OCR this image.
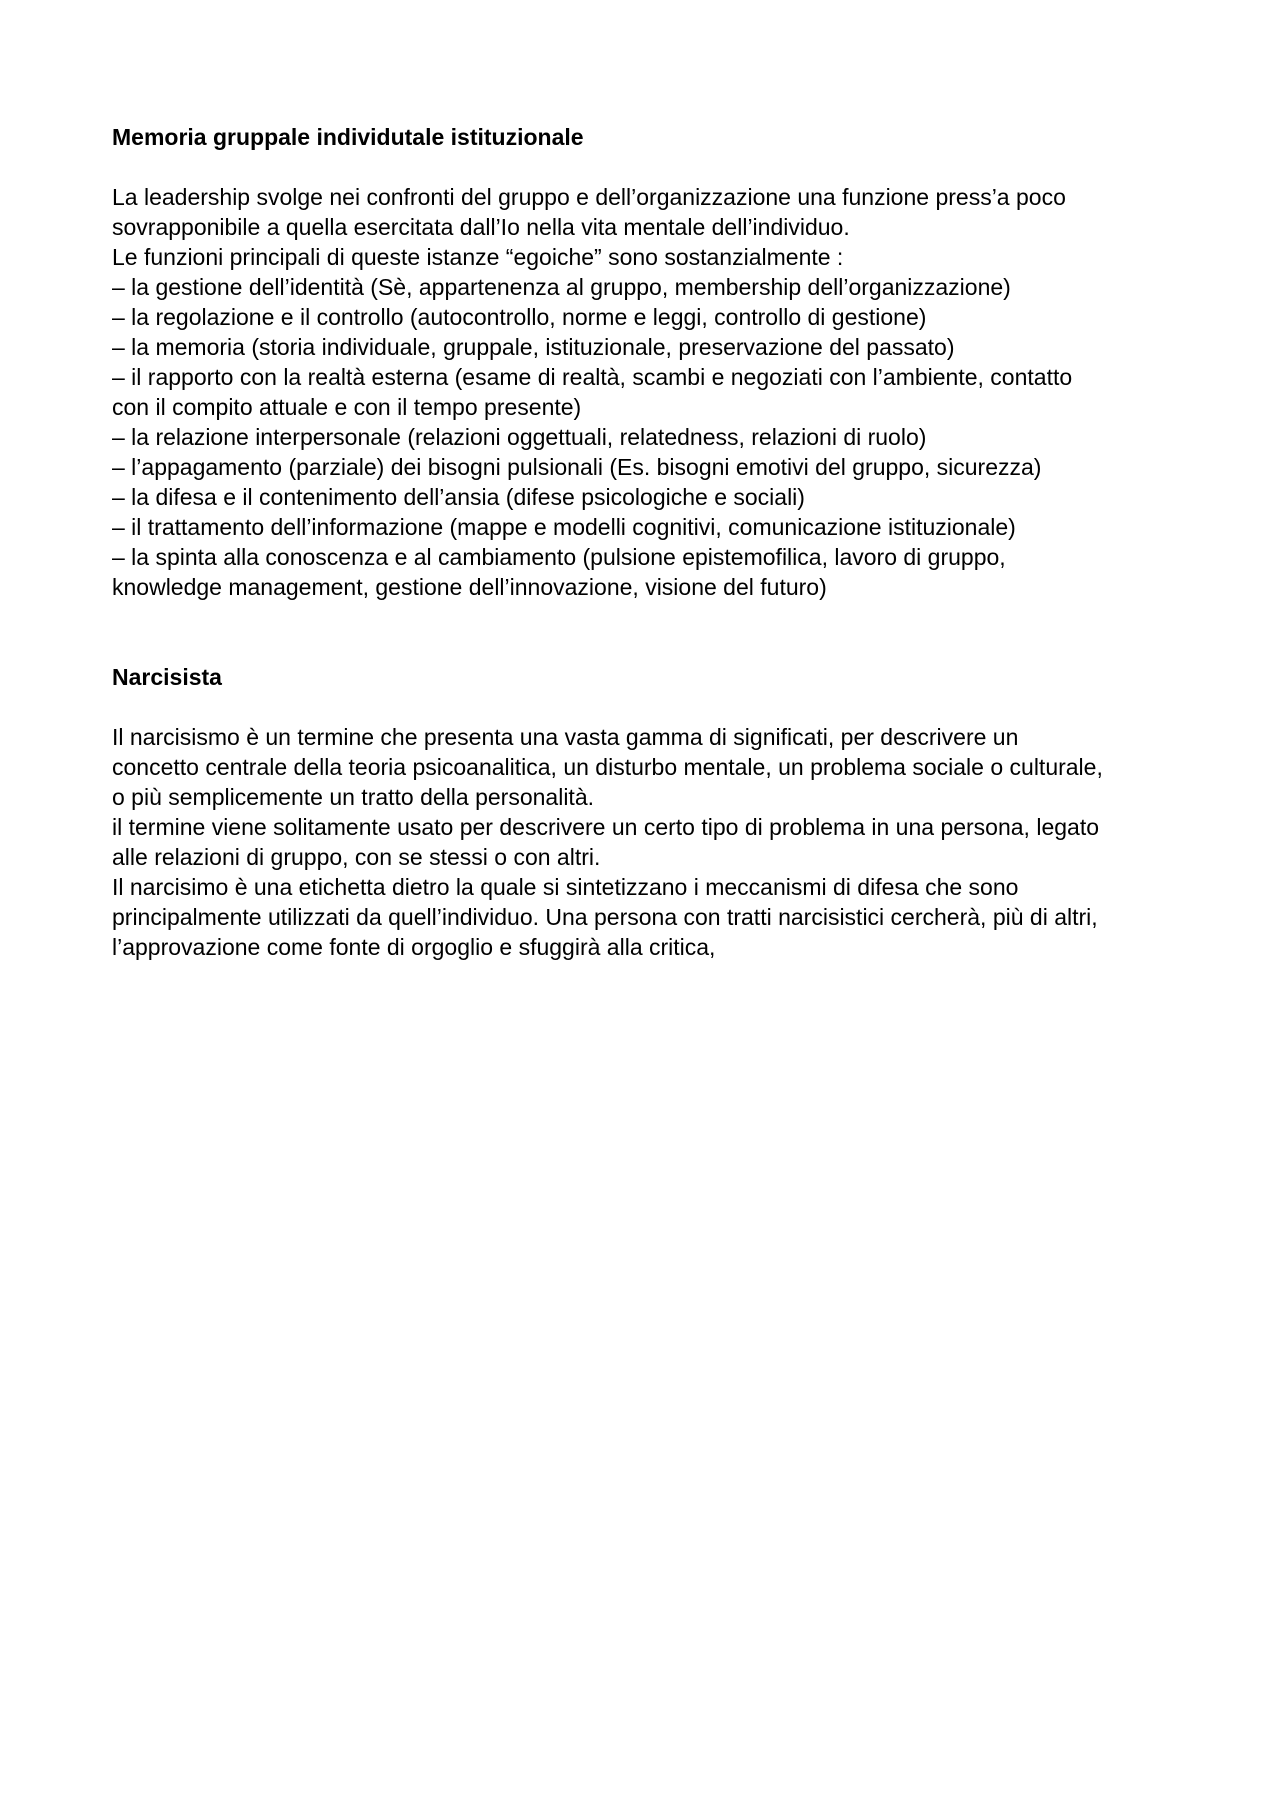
Memoria gruppale individutale istituzionale
La leadership svolge nei confronti del gruppo e dell’organizzazione una funzione press’a poco
sovrapponibile a quella esercitata dall’Io nella vita mentale dell’individuo.
Le funzioni principali di queste istanze “egoiche” sono sostanzialmente :
– la gestione dell’identità (Sè, appartenenza al gruppo, membership dell’organizzazione)
– la regolazione e il controllo (autocontrollo, norme e leggi, controllo di gestione)
– la memoria (storia individuale, gruppale, istituzionale, preservazione del passato)
– il rapporto con la realtà esterna (esame di realtà, scambi e negoziati con l’ambiente, contatto
con il compito attuale e con il tempo presente)
– la relazione interpersonale (relazioni oggettuali, relatedness, relazioni di ruolo)
– l’appagamento (parziale) dei bisogni pulsionali (Es. bisogni emotivi del gruppo, sicurezza)
– la difesa e il contenimento dell’ansia (difese psicologiche e sociali)
– il trattamento dell’informazione (mappe e modelli cognitivi, comunicazione istituzionale)
– la spinta alla conoscenza e al cambiamento (pulsione epistemofilica, lavoro di gruppo,
knowledge management, gestione dell’innovazione, visione del futuro)
Narcisista
Il narcisismo è un termine che presenta una vasta gamma di significati, per descrivere un
concetto centrale della teoria psicoanalitica, un disturbo mentale, un problema sociale o culturale,
o più semplicemente un tratto della personalità.
il termine viene solitamente usato per descrivere un certo tipo di problema in una persona, legato
alle relazioni di gruppo, con se stessi o con altri.
Il narcisimo è una etichetta dietro la quale si sintetizzano i meccanismi di difesa che sono
principalmente utilizzati da quell’individuo. Una persona con tratti narcisistici cercherà, più di altri,
l’approvazione come fonte di orgoglio e sfuggirà alla critica,
